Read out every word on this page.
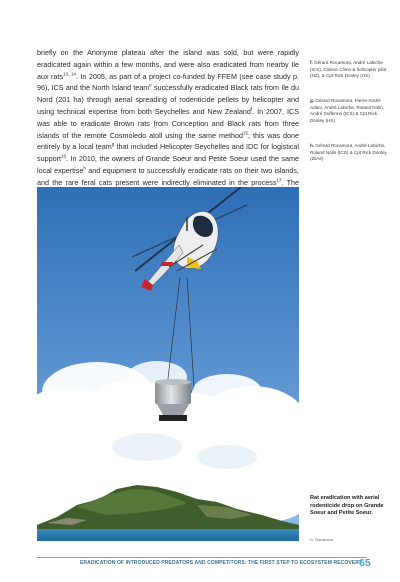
briefly on the Anonyme plateau after the island was sold, but were rapidly eradicated again within a few months, and were also eradicated from nearby Ile aux rats$^{13, 14}$. In 2005, as part of a project co-funded by FFEM (see case study p. 96), ICS and the North Island team$^e$ successfully eradicated Black rats from Ile du Nord (201 ha) through aerial spreading of rodenticide pellets by helicopter and using technical expertise from both Seychelles and New Zealand$^f$. In 2007, ICS was able to eradicate Brown rats from Conception and Black rats from three islands of the remote Cosmoledo atoll using the same method$^{15}$; this was done entirely by a local team$^g$ that included Helicopter Seychelles and IDC for logistical support$^{16}$. In 2010, the owners of Grande Soeur and Petite Soeur used the same local expertise$^h$ and equipment to successfully eradicate rats on their two islands, and the rare feral cats present were indirectly eliminated in the process$^{17}$. The
f. Gérard Rocamora, André Labiche (ICS), Gideon Climo & helicopter pilot (NZ), & Cpt Rick Dooley (HS)
g. Gérard Rocamora, Pierre-André Adam, André Labiche, Roland Nolin, André Duffenno (ICS) & Cpt Rick Dooley (HS)
h. Gérard Rocamora, André Labiche, Roland Nolin (ICS) & Cpt Rick Dooley (ZilAir)
Rat eradication with aerial rodenticide drop on Grande Soeur and Petite Soeur.
G. Rocamora
ERADICATION OF INTRODUCED PREDATORS AND COMPETITORS: THE FIRST STEP TO ECOSYSTEM RECOVERY
65
